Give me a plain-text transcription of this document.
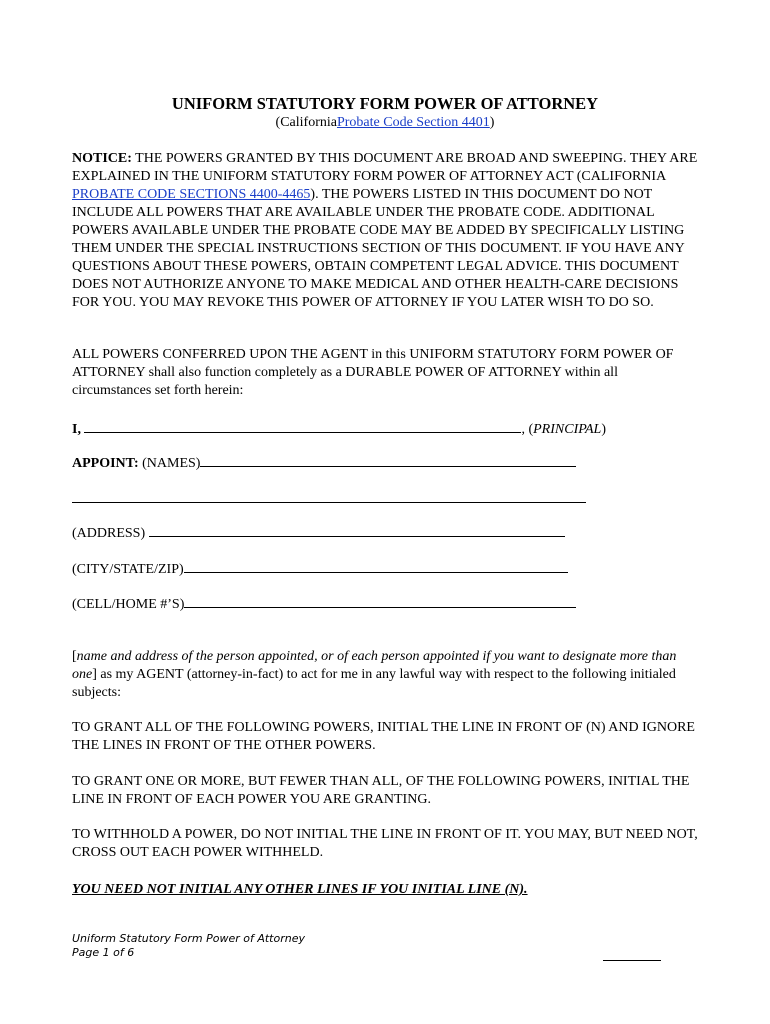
UNIFORM STATUTORY FORM POWER OF ATTORNEY
(CaliforniaProbate Code Section 4401)

NOTICE: THE POWERS GRANTED BY THIS DOCUMENT ARE BROAD AND SWEEPING. THEY ARE EXPLAINED IN THE UNIFORM STATUTORY FORM POWER OF ATTORNEY ACT (CALIFORNIA PROBATE CODE SECTIONS 4400-4465). THE POWERS LISTED IN THIS DOCUMENT DO NOT INCLUDE ALL POWERS THAT ARE AVAILABLE UNDER THE PROBATE CODE. ADDITIONAL POWERS AVAILABLE UNDER THE PROBATE CODE MAY BE ADDED BY SPECIFICALLY LISTING THEM UNDER THE SPECIAL INSTRUCTIONS SECTION OF THIS DOCUMENT. IF YOU HAVE ANY QUESTIONS ABOUT THESE POWERS, OBTAIN COMPETENT LEGAL ADVICE. THIS DOCUMENT DOES NOT AUTHORIZE ANYONE TO MAKE MEDICAL AND OTHER HEALTH-CARE DECISIONS FOR YOU. YOU MAY REVOKE THIS POWER OF ATTORNEY IF YOU LATER WISH TO DO SO.

ALL POWERS CONFERRED UPON THE AGENT in this UNIFORM STATUTORY FORM POWER OF ATTORNEY shall also function completely as a DURABLE POWER OF ATTORNEY within all circumstances set forth herein:

I,	, (PRINCIPAL)

APPOINT: (NAMES)

(ADDRESS)

(CITY/STATE/ZIP)

(CELL/HOME #’S)

[name and address of the person appointed, or of each person appointed if you want to designate more than one] as my AGENT (attorney-in-fact) to act for me in any lawful way with respect to the following initialed subjects:

TO GRANT ALL OF THE FOLLOWING POWERS, INITIAL THE LINE IN FRONT OF (N) AND IGNORE THE LINES IN FRONT OF THE OTHER POWERS.

TO GRANT ONE OR MORE, BUT FEWER THAN ALL, OF THE FOLLOWING POWERS, INITIAL THE LINE IN FRONT OF EACH POWER YOU ARE GRANTING.

TO WITHHOLD A POWER, DO NOT INITIAL THE LINE IN FRONT OF IT. YOU MAY, BUT NEED NOT, CROSS OUT EACH POWER WITHHELD.

YOU NEED NOT INITIAL ANY OTHER LINES IF YOU INITIAL LINE (N).

Uniform Statutory Form Power of Attorney
Page 1 of 6
